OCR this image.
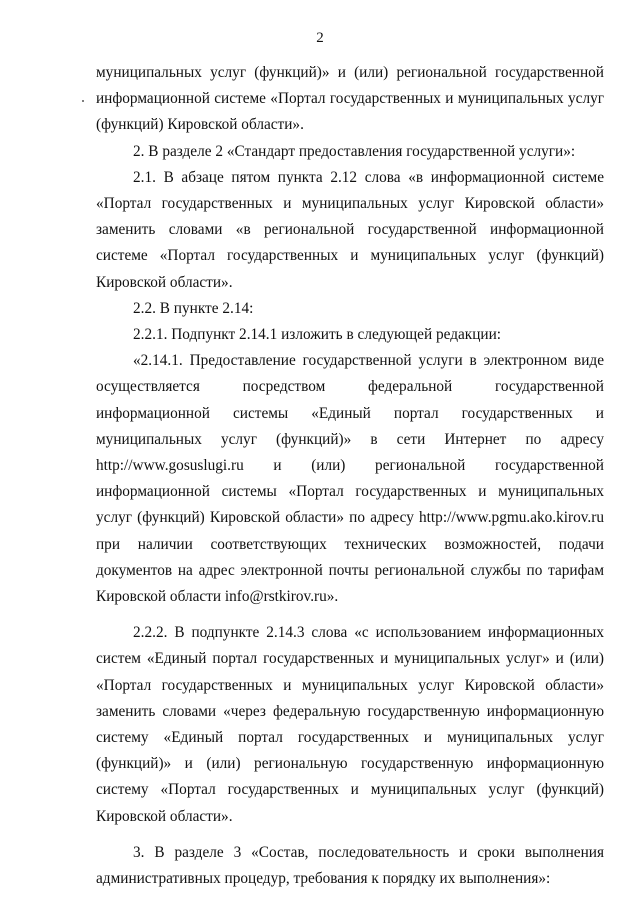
2

муниципальных услуг (функций)» и (или) региональной государственной информационной системе «Портал государственных и муниципальных услуг (функций) Кировской области».

2. В разделе 2 «Стандарт предоставления государственной услуги»:

2.1. В абзаце пятом пункта 2.12 слова «в информационной системе «Портал государственных и муниципальных услуг Кировской области» заменить словами «в региональной государственной информационной системе «Портал государственных и муниципальных услуг (функций) Кировской области».

2.2. В пункте 2.14:

2.2.1. Подпункт 2.14.1 изложить в следующей редакции:

«2.14.1. Предоставление государственной услуги в электронном виде осуществляется посредством федеральной государственной информационной системы «Единый портал государственных и муниципальных услуг (функций)» в сети Интернет по адресу http://www.gosuslugi.ru и (или) региональной государственной информационной системы «Портал государственных и муниципальных услуг (функций) Кировской области» по адресу http://www.pgmu.ako.kirov.ru при наличии соответствующих технических возможностей, подачи документов на адрес электронной почты региональной службы по тарифам Кировской области info@rstkirov.ru».

2.2.2. В подпункте 2.14.3 слова «с использованием информационных систем «Единый портал государственных и муниципальных услуг» и (или) «Портал государственных и муниципальных услуг Кировской области» заменить словами «через федеральную государственную информационную систему «Единый портал государственных и муниципальных услуг (функций)» и (или) региональную государственную информационную систему «Портал государственных и муниципальных услуг (функций) Кировской области».

3. В разделе 3 «Состав, последовательность и сроки выполнения административных процедур, требования к порядку их выполнения»:
